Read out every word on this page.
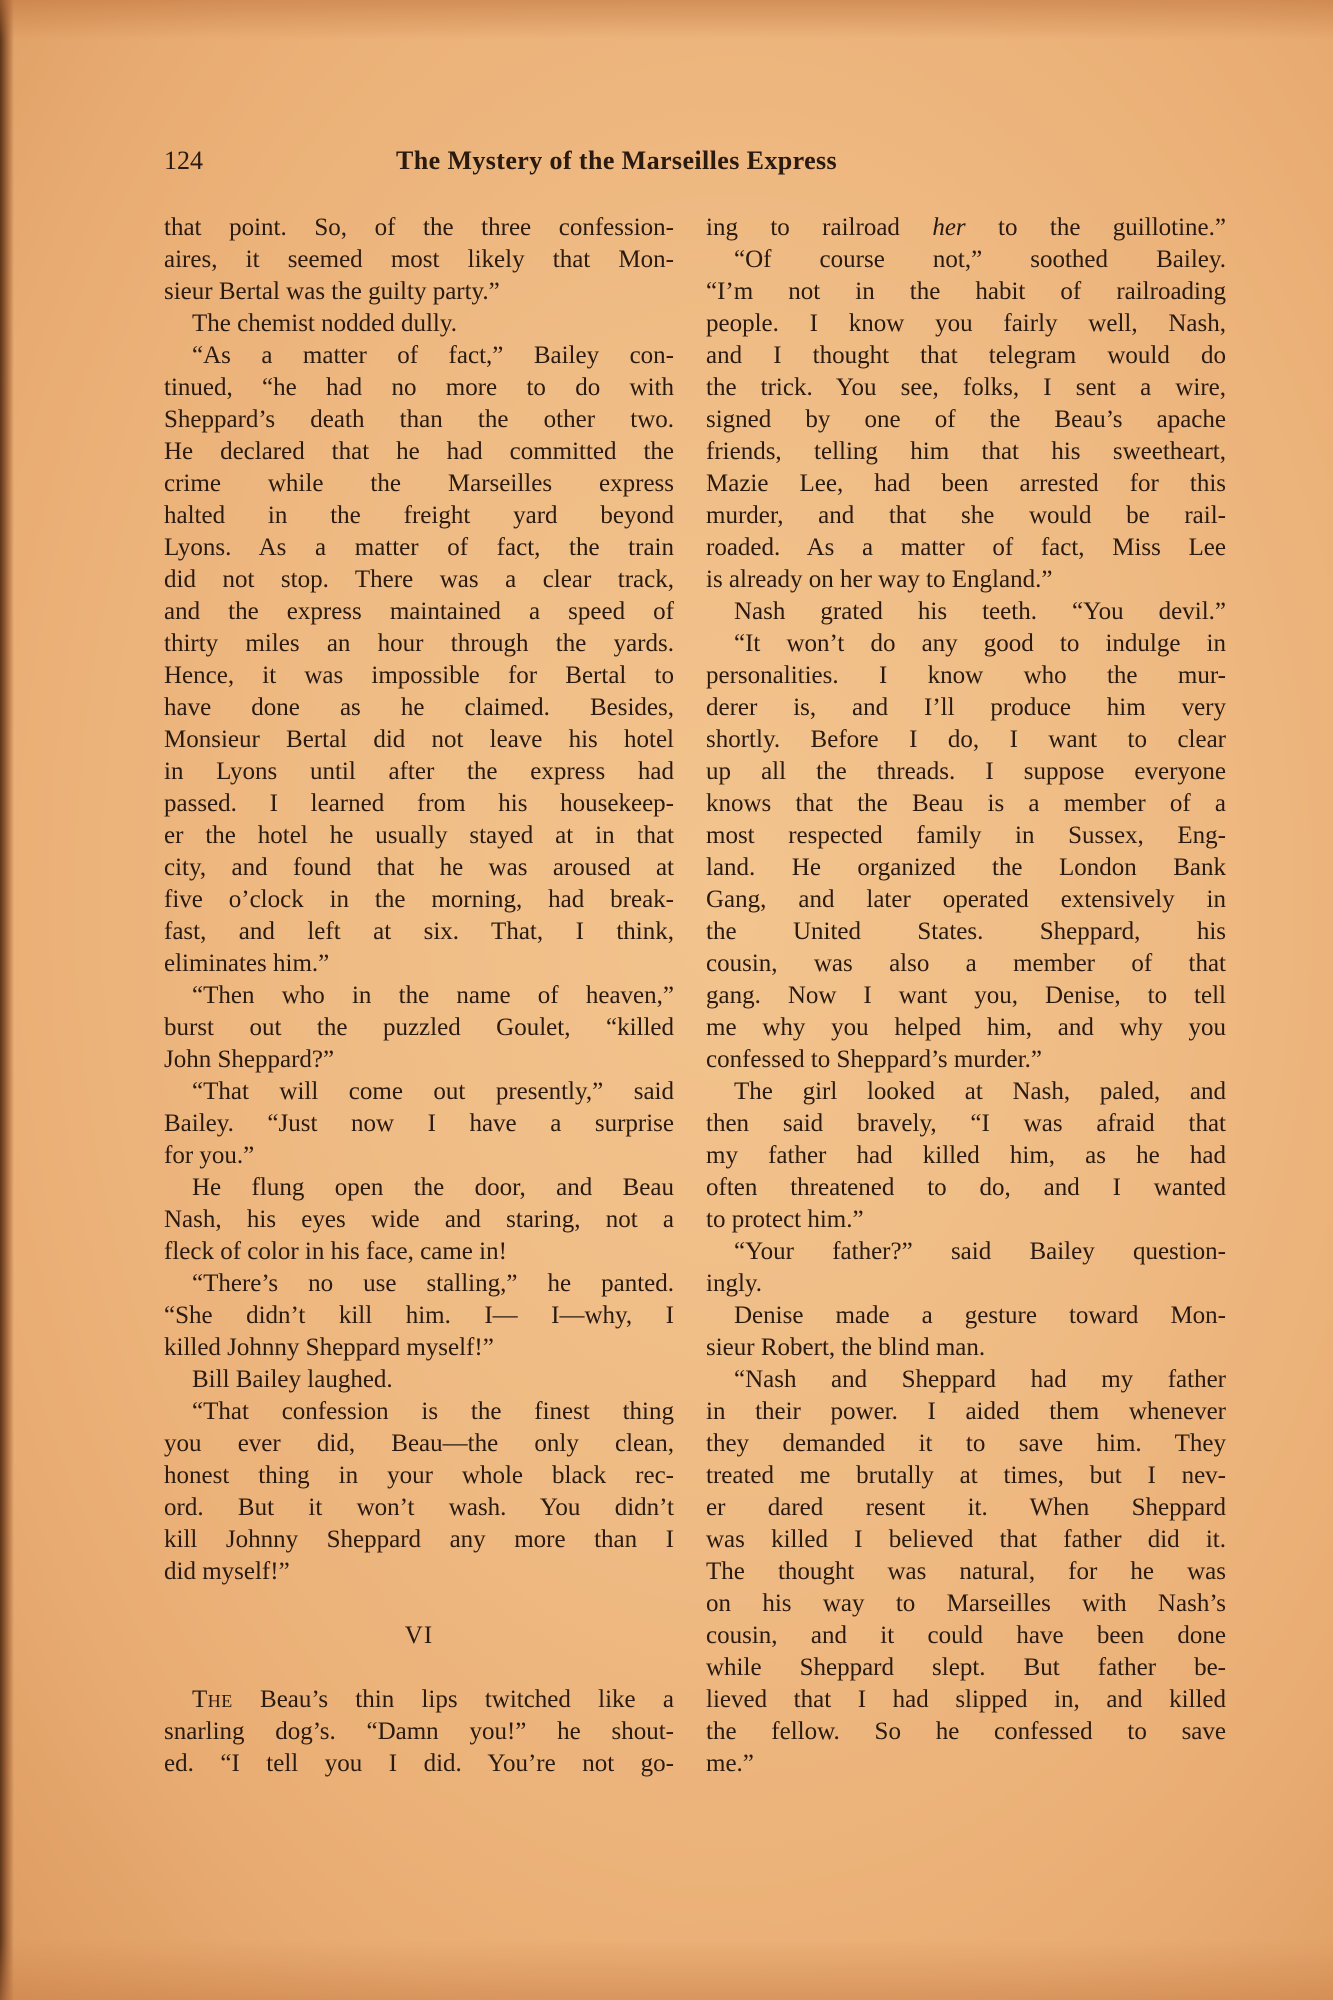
124	The Mystery of the Marseilles Express
that point. So, of the three confession-
aires, it seemed most likely that Mon-
sieur Bertal was the guilty party.”
The chemist nodded dully.
“As a matter of fact,” Bailey con-
tinued, “he had no more to do with
Sheppard’s death than the other two.
He declared that he had committed the
crime while the Marseilles express
halted in the freight yard beyond
Lyons. As a matter of fact, the train
did not stop. There was a clear track,
and the express maintained a speed of
thirty miles an hour through the yards.
Hence, it was impossible for Bertal to
have done as he claimed. Besides,
Monsieur Bertal did not leave his hotel
in Lyons until after the express had
passed. I learned from his housekeep-
er the hotel he usually stayed at in that
city, and found that he was aroused at
five o’clock in the morning, had break-
fast, and left at six. That, I think,
eliminates him.”
“Then who in the name of heaven,”
burst out the puzzled Goulet, “killed
John Sheppard?”
“That will come out presently,” said
Bailey. “Just now I have a surprise
for you.”
He flung open the door, and Beau
Nash, his eyes wide and staring, not a
fleck of color in his face, came in!
“There’s no use stalling,” he panted.
“She didn’t kill him. I— I—why, I
killed Johnny Sheppard myself!”
Bill Bailey laughed.
“That confession is the finest thing
you ever did, Beau—the only clean,
honest thing in your whole black rec-
ord. But it won’t wash. You didn’t
kill Johnny Sheppard any more than I
did myself!”
VI
The Beau’s thin lips twitched like a
snarling dog’s. “Damn you!” he shout-
ed. “I tell you I did. You’re not go-
ing to railroad her to the guillotine.”
“Of course not,” soothed Bailey.
“I’m not in the habit of railroading
people. I know you fairly well, Nash,
and I thought that telegram would do
the trick. You see, folks, I sent a wire,
signed by one of the Beau’s apache
friends, telling him that his sweetheart,
Mazie Lee, had been arrested for this
murder, and that she would be rail-
roaded. As a matter of fact, Miss Lee
is already on her way to England.”
Nash grated his teeth. “You devil.”
“It won’t do any good to indulge in
personalities. I know who the mur-
derer is, and I’ll produce him very
shortly. Before I do, I want to clear
up all the threads. I suppose everyone
knows that the Beau is a member of a
most respected family in Sussex, Eng-
land. He organized the London Bank
Gang, and later operated extensively in
the United States. Sheppard, his
cousin, was also a member of that
gang. Now I want you, Denise, to tell
me why you helped him, and why you
confessed to Sheppard’s murder.”
The girl looked at Nash, paled, and
then said bravely, “I was afraid that
my father had killed him, as he had
often threatened to do, and I wanted
to protect him.”
“Your father?” said Bailey question-
ingly.
Denise made a gesture toward Mon-
sieur Robert, the blind man.
“Nash and Sheppard had my father
in their power. I aided them whenever
they demanded it to save him. They
treated me brutally at times, but I nev-
er dared resent it. When Sheppard
was killed I believed that father did it.
The thought was natural, for he was
on his way to Marseilles with Nash’s
cousin, and it could have been done
while Sheppard slept. But father be-
lieved that I had slipped in, and killed
the fellow. So he confessed to save
me.”
